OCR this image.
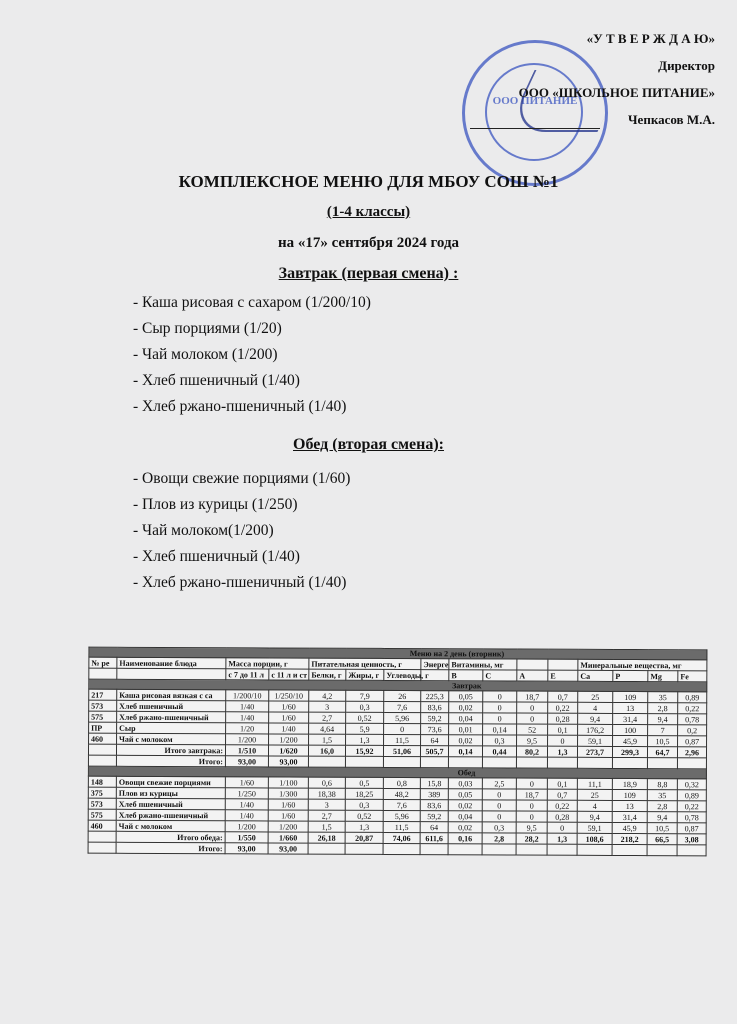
ООО ПИТАНИЕ
«У Т В Е Р Ж Д А Ю»
Директор
ООО «ШКОЛЬНОЕ ПИТАНИЕ»
Чепкасов М.А.
КОМПЛЕКСНОЕ МЕНЮ ДЛЯ МБОУ СОШ №1
(1-4 классы)
на «17» сентября 2024 года
Завтрак (первая смена) :
- Каша рисовая с сахаром (1/200/10)
- Сыр порциями (1/20)
- Чай молоком (1/200)
- Хлеб пшеничный (1/40)
- Хлеб ржано-пшеничный (1/40)
Обед (вторая смена):
- Овощи свежие порциями (1/60)
- Плов из курицы (1/250)
- Чай молоком(1/200)
- Хлеб пшеничный (1/40)
- Хлеб ржано-пшеничный (1/40)
Меню на 2 день (вторник)															
№ ре	Наименование блюда	Масса порции, г		Питательная ценность, г			Энерге	Витамины, мг				Минеральные вещества, мг			
		с 7 до 11 л	с 11 л и ст	Белки, г	Жиры, г	Углеводы, г		B	C	A	E	Ca	P	Mg	Fe
Завтрак															
217	Каша рисовая вязкая с са	1/200/10	1/250/10	4,2	7,9	26	225,3	0,05	0	18,7	0,7	25	109	35	0,89
573	Хлеб пшеничный	1/40	1/60	3	0,3	7,6	83,6	0,02	0	0	0,22	4	13	2,8	0,22
575	Хлеб ржано-пшеничный	1/40	1/60	2,7	0,52	5,96	59,2	0,04	0	0	0,28	9,4	31,4	9,4	0,78
ПР	Сыр	1/20	1/40	4,64	5,9	0	73,6	0,01	0,14	52	0,1	176,2	100	7	0,2
460	Чай с молоком	1/200	1/200	1,5	1,3	11,5	64	0,02	0,3	9,5	0	59,1	45,9	10,5	0,87
	Итого завтрака:	1/510	1/620	16,0	15,92	51,06	505,7	0,14	0,44	80,2	1,3	273,7	299,3	64,7	2,96
	Итого:	93,00	93,00												
Обед															
148	Овощи свежие порциями	1/60	1/100	0,6	0,5	0,8	15,8	0,03	2,5	0	0,1	11,1	18,9	8,8	0,32
375	Плов из курицы	1/250	1/300	18,38	18,25	48,2	389	0,05	0	18,7	0,7	25	109	35	0,89
573	Хлеб пшеничный	1/40	1/60	3	0,3	7,6	83,6	0,02	0	0	0,22	4	13	2,8	0,22
575	Хлеб ржано-пшеничный	1/40	1/60	2,7	0,52	5,96	59,2	0,04	0	0	0,28	9,4	31,4	9,4	0,78
460	Чай с молоком	1/200	1/200	1,5	1,3	11,5	64	0,02	0,3	9,5	0	59,1	45,9	10,5	0,87
	Итого обеда:	1/550	1/660	26,18	20,87	74,06	611,6	0,16	2,8	28,2	1,3	108,6	218,2	66,5	3,08
	Итого:	93,00	93,00												
